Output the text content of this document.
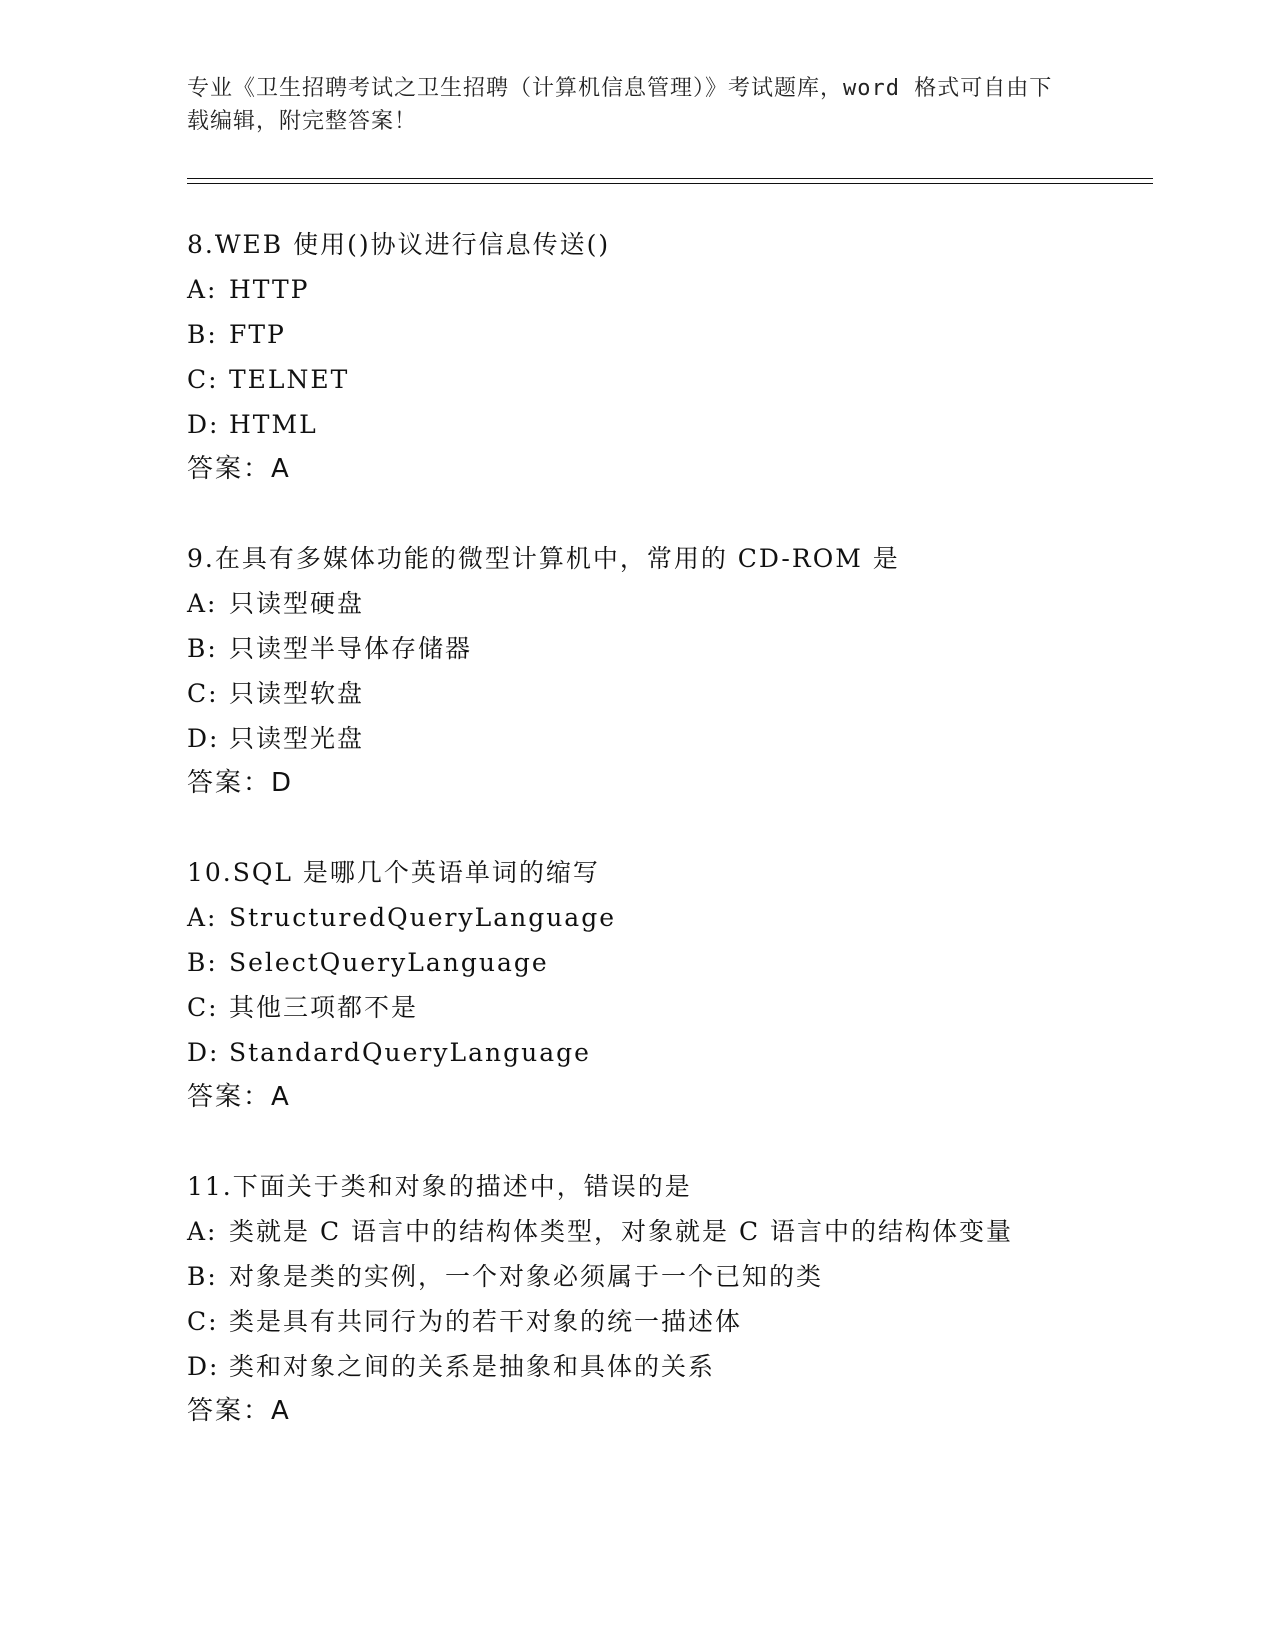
专业《卫生招聘考试之卫生招聘（计算机信息管理）》考试题库，word 格式可自由下载编辑，附完整答案！
8.WEB 使用()协议进行信息传送()
A: HTTP
B: FTP
C: TELNET
D: HTML
答案：A
9.在具有多媒体功能的微型计算机中，常用的 CD-ROM 是
A: 只读型硬盘
B: 只读型半导体存储器
C: 只读型软盘
D: 只读型光盘
答案：D
10.SQL 是哪几个英语单词的缩写
A: StructuredQueryLanguage
B: SelectQueryLanguage
C: 其他三项都不是
D: StandardQueryLanguage
答案：A
11.下面关于类和对象的描述中，错误的是
A: 类就是 C 语言中的结构体类型，对象就是 C 语言中的结构体变量
B: 对象是类的实例，一个对象必须属于一个已知的类
C: 类是具有共同行为的若干对象的统一描述体
D: 类和对象之间的关系是抽象和具体的关系
答案：A
